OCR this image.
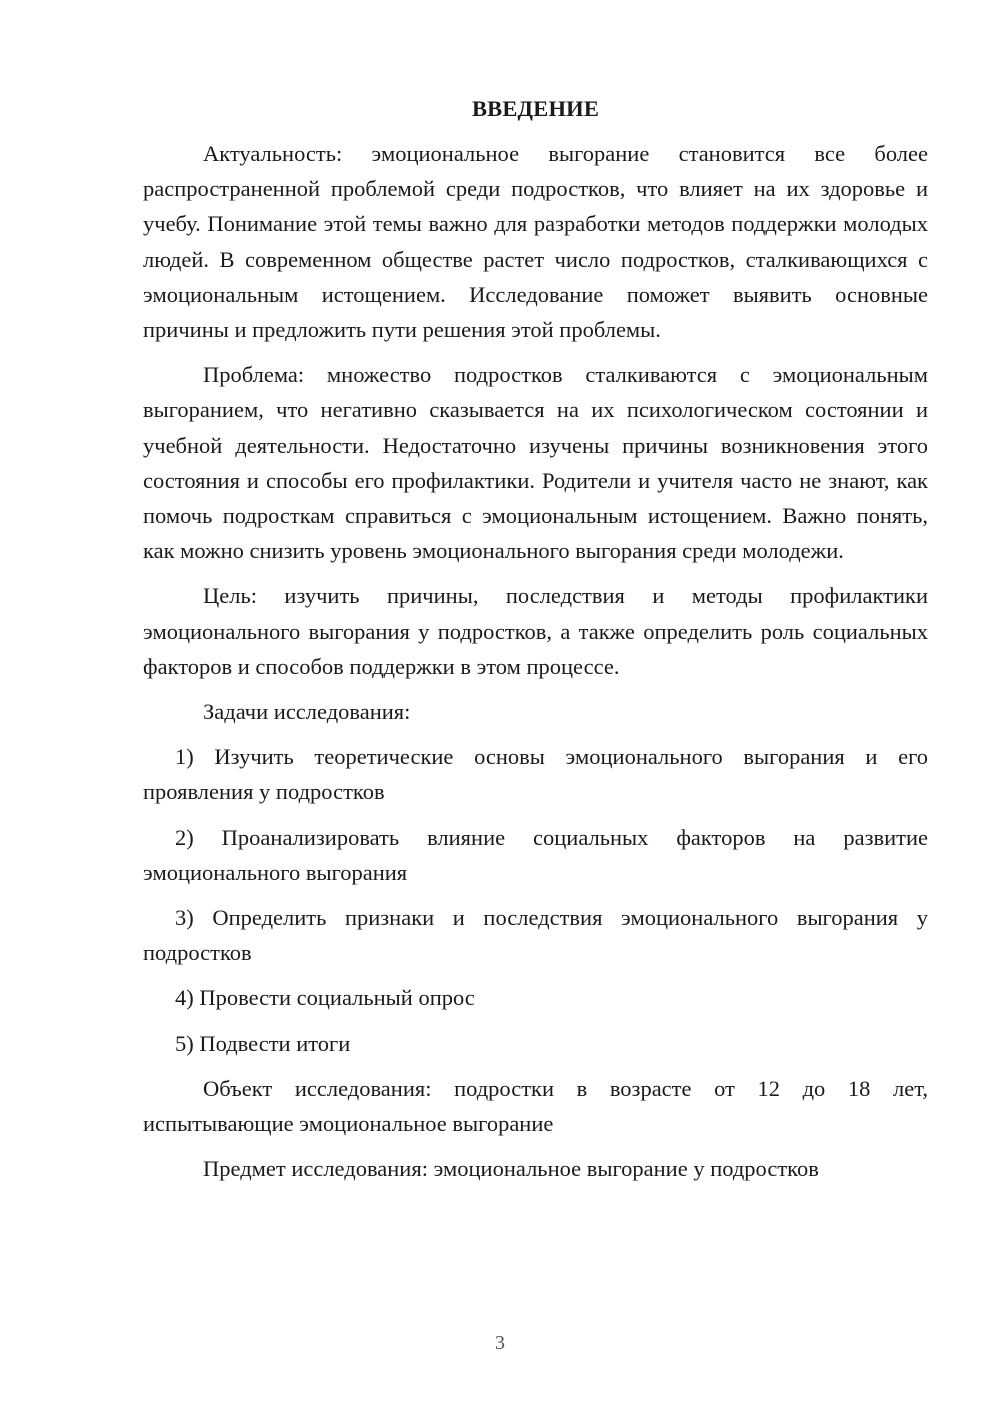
ВВЕДЕНИЕ

Актуальность: эмоциональное выгорание становится все более распространенной проблемой среди подростков, что влияет на их здоровье и учебу. Понимание этой темы важно для разработки методов поддержки молодых людей. В современном обществе растет число подростков, сталкивающихся с эмоциональным истощением. Исследование поможет выявить основные причины и предложить пути решения этой проблемы.

Проблема: множество подростков сталкиваются с эмоциональным выгоранием, что негативно сказывается на их психологическом состоянии и учебной деятельности. Недостаточно изучены причины возникновения этого состояния и способы его профилактики. Родители и учителя часто не знают, как помочь подросткам справиться с эмоциональным истощением. Важно понять, как можно снизить уровень эмоционального выгорания среди молодежи.

Цель: изучить причины, последствия и методы профилактики эмоционального выгорания у подростков, а также определить роль социальных факторов и способов поддержки в этом процессе.

Задачи исследования:

1) Изучить теоретические основы эмоционального выгорания и его проявления у подростков

2) Проанализировать влияние социальных факторов на развитие эмоционального выгорания

3) Определить признаки и последствия эмоционального выгорания у подростков

4) Провести социальный опрос

5) Подвести итоги

Объект исследования: подростки в возрасте от 12 до 18 лет, испытывающие эмоциональное выгорание

Предмет исследования: эмоциональное выгорание у подростков

3
